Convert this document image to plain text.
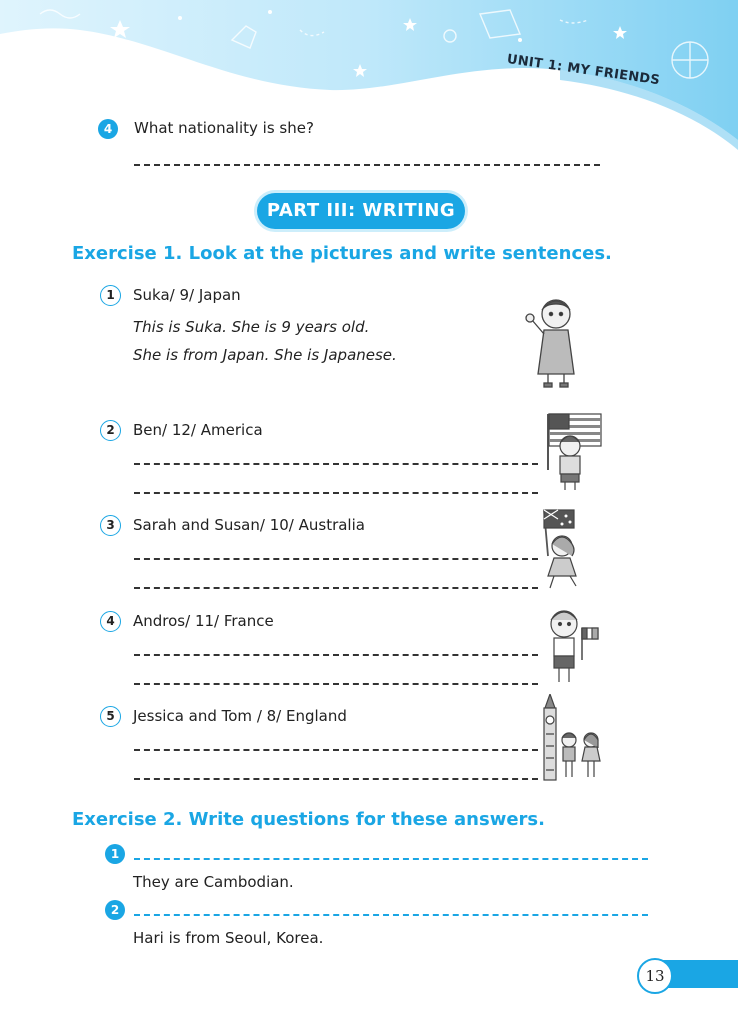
UNIT 1: MY FRIENDS
4	What nationality is she?
PART III: WRITING
Exercise 1. Look at the pictures and write sentences.
1	Suka/ 9/ Japan
This is Suka. She is 9 years old.
She is from Japan. She is Japanese.
2	Ben/ 12/ America
3	Sarah and Susan/ 10/ Australia
4	Andros/ 11/ France
5	Jessica and Tom / 8/ England
Exercise 2. Write questions for these answers.
1
They are Cambodian.
2
Hari is from Seoul, Korea.
13
